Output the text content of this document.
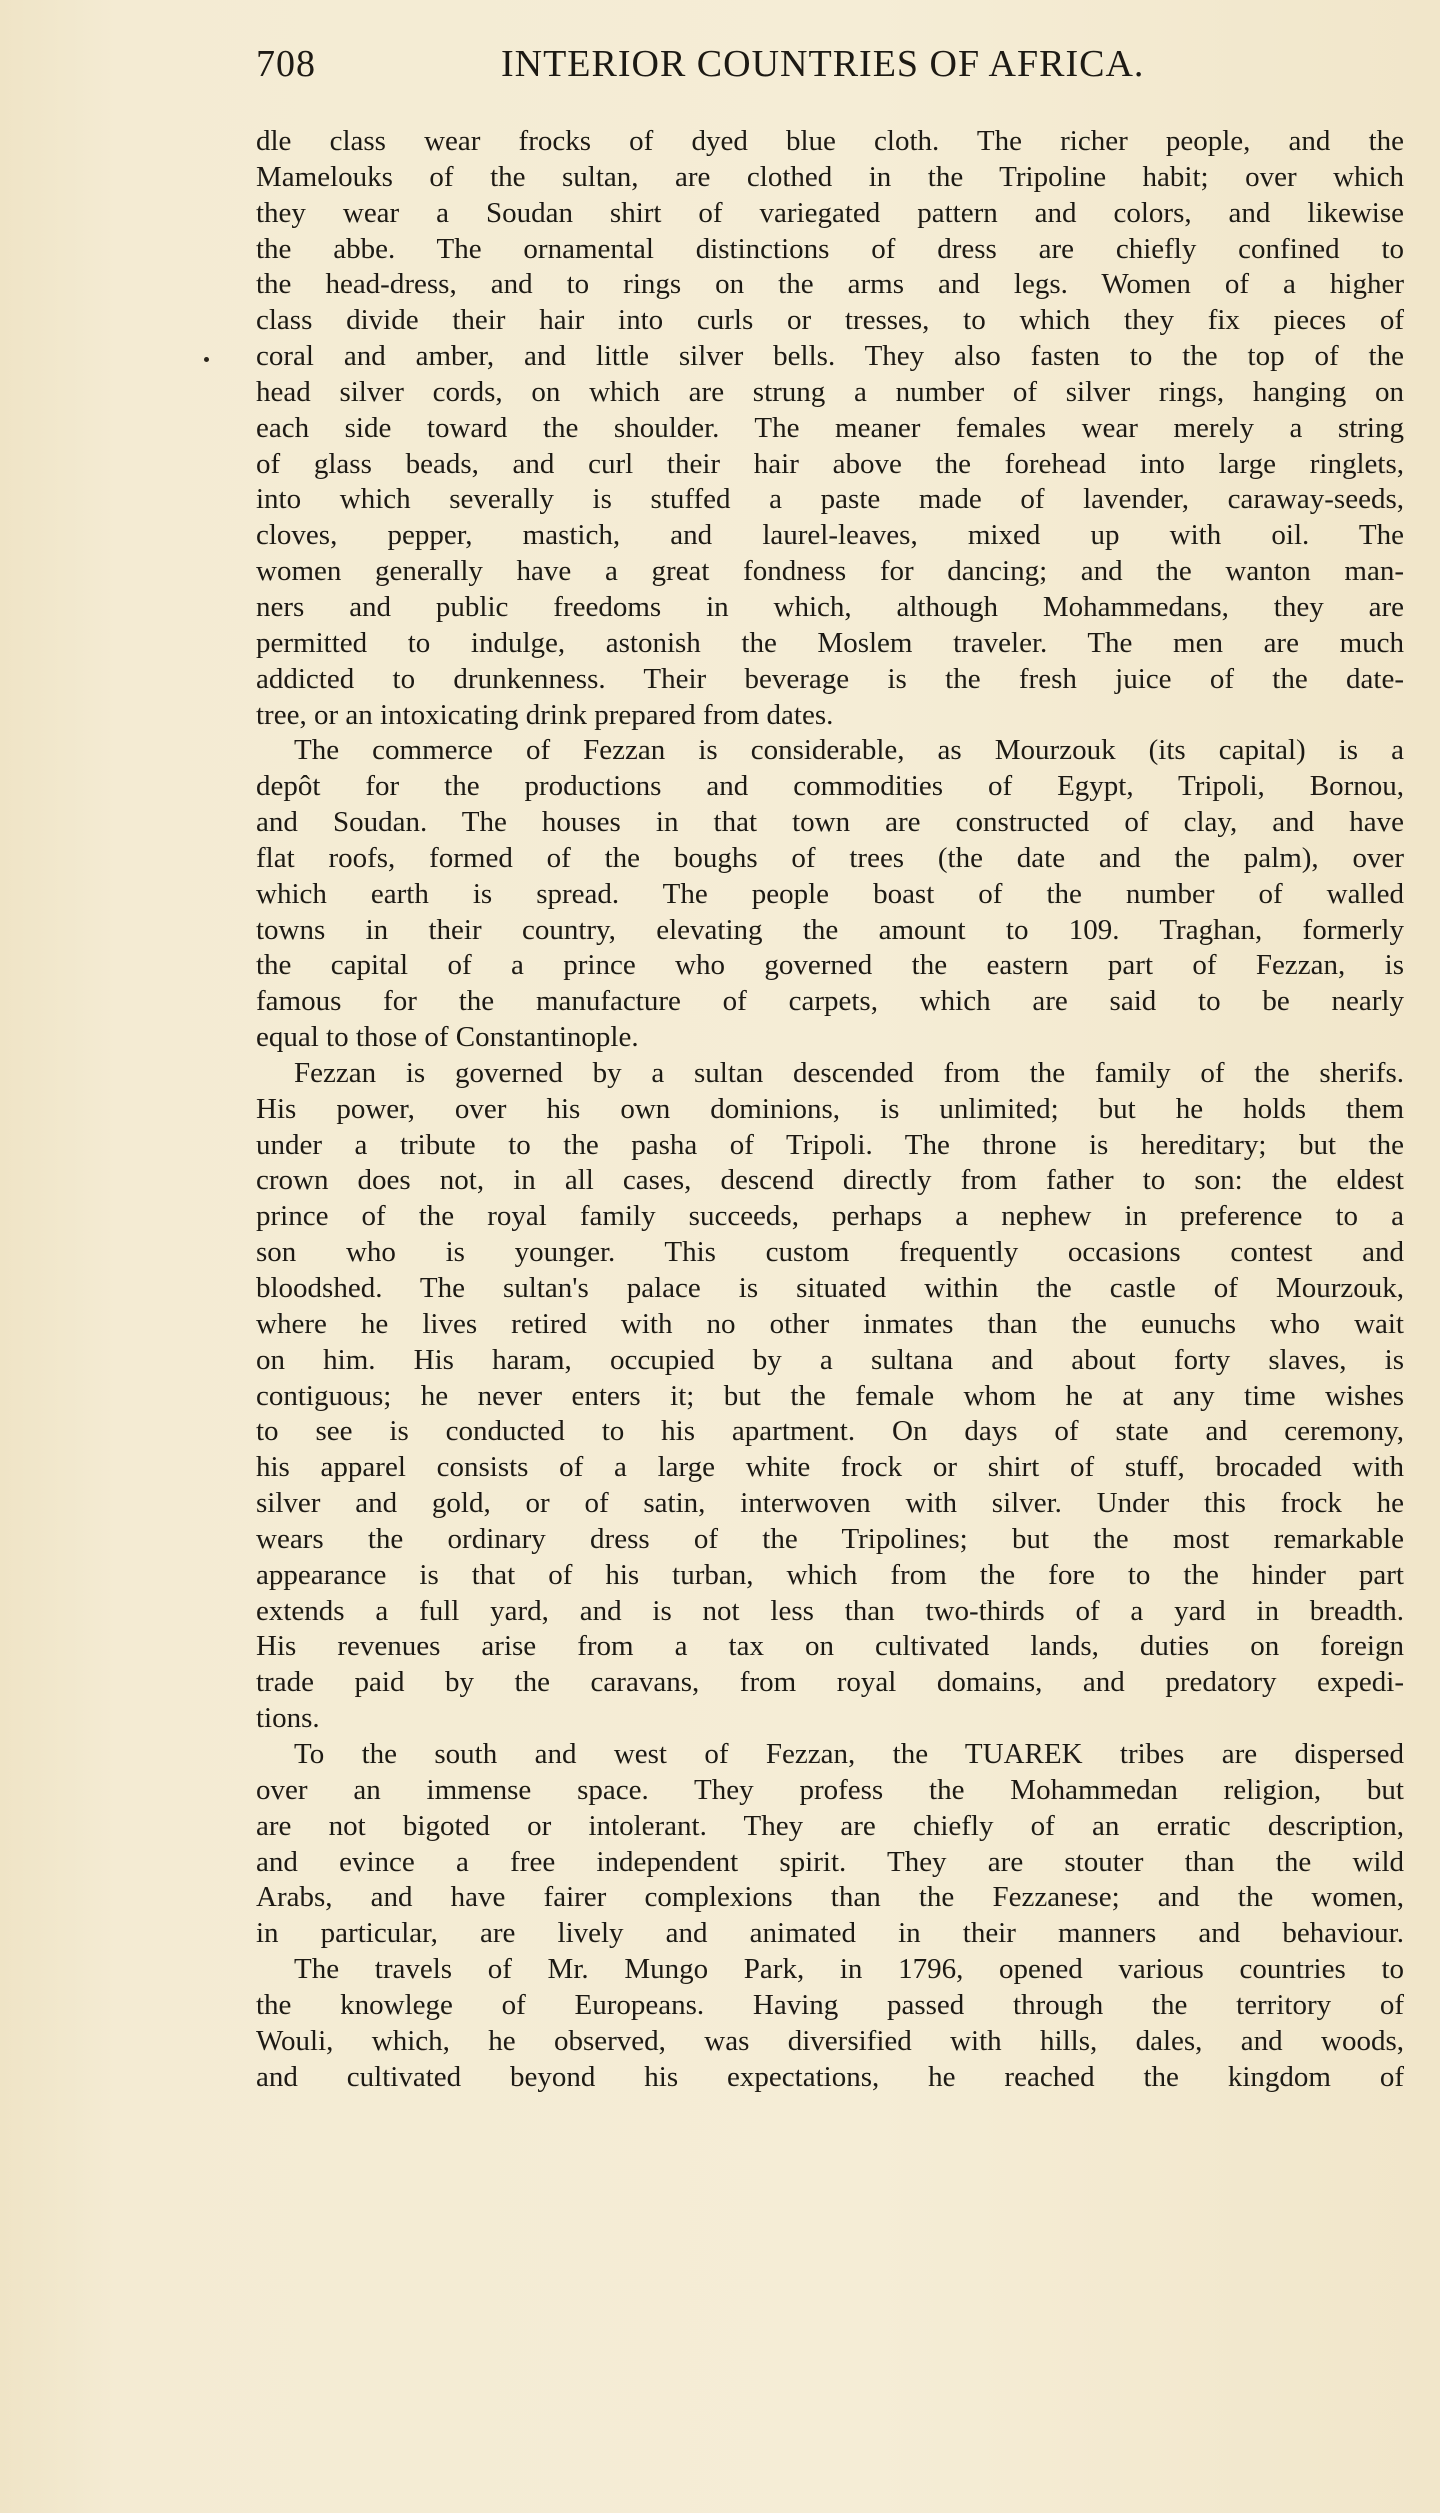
708	INTERIOR COUNTRIES OF AFRICA.
dle class wear frocks of dyed blue cloth. The richer people, and the
Mamelouks of the sultan, are clothed in the Tripoline habit; over which
they wear a Soudan shirt of variegated pattern and colors, and likewise
the abbe. The ornamental distinctions of dress are chiefly confined to
the head-dress, and to rings on the arms and legs. Women of a higher
class divide their hair into curls or tresses, to which they fix pieces of
coral and amber, and little silver bells. They also fasten to the top of the
head silver cords, on which are strung a number of silver rings, hanging on
each side toward the shoulder. The meaner females wear merely a string
of glass beads, and curl their hair above the forehead into large ringlets,
into which severally is stuffed a paste made of lavender, caraway-seeds,
cloves, pepper, mastich, and laurel-leaves, mixed up with oil. The
women generally have a great fondness for dancing; and the wanton man-
ners and public freedoms in which, although Mohammedans, they are
permitted to indulge, astonish the Moslem traveler. The men are much
addicted to drunkenness. Their beverage is the fresh juice of the date-
tree, or an intoxicating drink prepared from dates.
The commerce of Fezzan is considerable, as Mourzouk (its capital) is a
depôt for the productions and commodities of Egypt, Tripoli, Bornou,
and Soudan. The houses in that town are constructed of clay, and have
flat roofs, formed of the boughs of trees (the date and the palm), over
which earth is spread. The people boast of the number of walled
towns in their country, elevating the amount to 109. Traghan, formerly
the capital of a prince who governed the eastern part of Fezzan, is
famous for the manufacture of carpets, which are said to be nearly
equal to those of Constantinople.
Fezzan is governed by a sultan descended from the family of the sherifs.
His power, over his own dominions, is unlimited; but he holds them
under a tribute to the pasha of Tripoli. The throne is hereditary; but the
crown does not, in all cases, descend directly from father to son: the eldest
prince of the royal family succeeds, perhaps a nephew in preference to a
son who is younger. This custom frequently occasions contest and
bloodshed. The sultan's palace is situated within the castle of Mourzouk,
where he lives retired with no other inmates than the eunuchs who wait
on him. His haram, occupied by a sultana and about forty slaves, is
contiguous; he never enters it; but the female whom he at any time wishes
to see is conducted to his apartment. On days of state and ceremony,
his apparel consists of a large white frock or shirt of stuff, brocaded with
silver and gold, or of satin, interwoven with silver. Under this frock he
wears the ordinary dress of the Tripolines; but the most remarkable
appearance is that of his turban, which from the fore to the hinder part
extends a full yard, and is not less than two-thirds of a yard in breadth.
His revenues arise from a tax on cultivated lands, duties on foreign
trade paid by the caravans, from royal domains, and predatory expedi-
tions.
To the south and west of Fezzan, the TUAREK tribes are dispersed
over an immense space. They profess the Mohammedan religion, but
are not bigoted or intolerant. They are chiefly of an erratic description,
and evince a free independent spirit. They are stouter than the wild
Arabs, and have fairer complexions than the Fezzanese; and the women,
in particular, are lively and animated in their manners and behaviour.
The travels of Mr. Mungo Park, in 1796, opened various countries to
the knowlege of Europeans. Having passed through the territory of
Wouli, which, he observed, was diversified with hills, dales, and woods,
and cultivated beyond his expectations, he reached the kingdom of
